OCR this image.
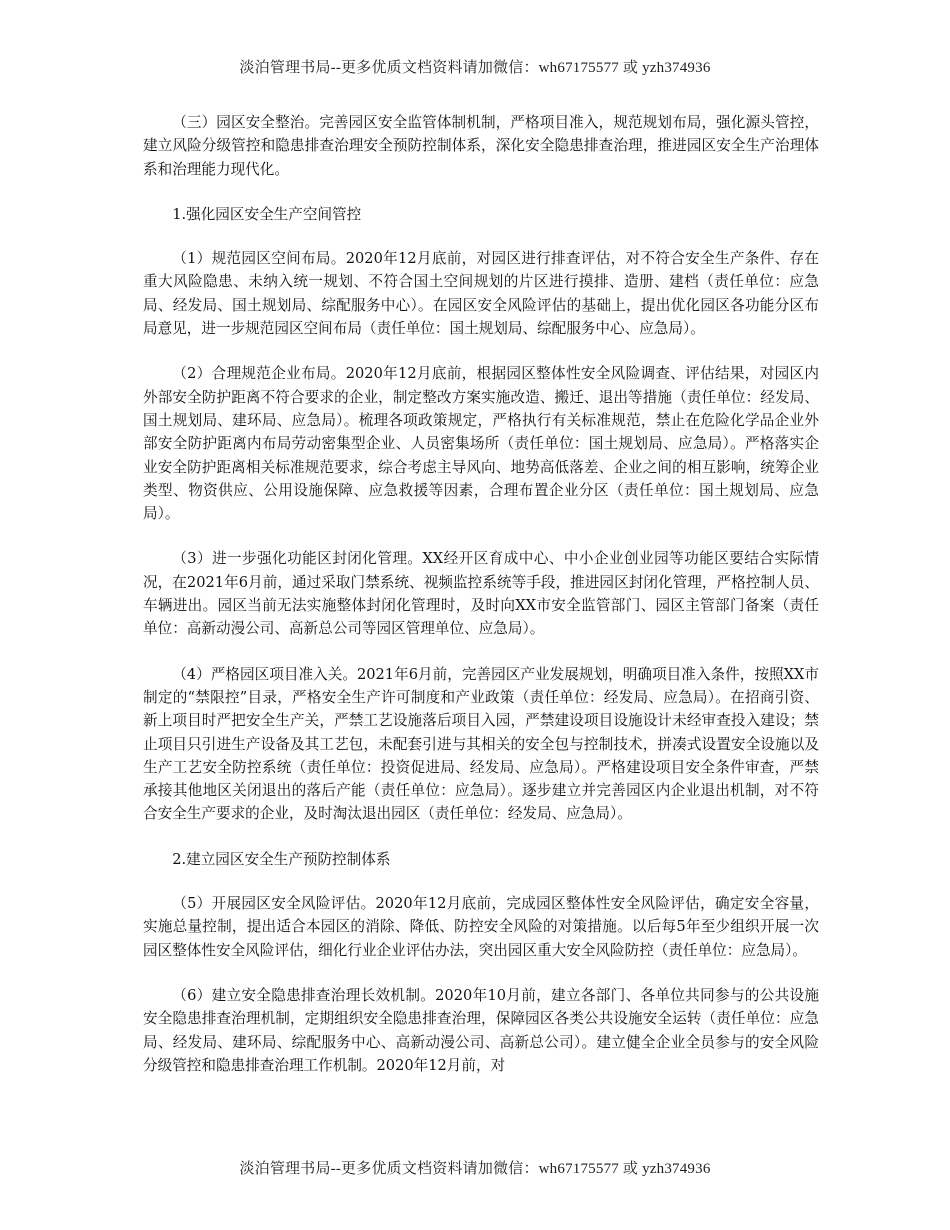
淡泊管理书局--更多优质文档资料请加微信：wh67175577 或 yzh374936

（三）园区安全整治。完善园区安全监管体制机制，严格项目准入，规范规划布局，强化源头管控，建立风险分级管控和隐患排查治理安全预防控制体系，深化安全隐患排查治理，推进园区安全生产治理体系和治理能力现代化。

1.强化园区安全生产空间管控

（1）规范园区空间布局。2020年12月底前，对园区进行排查评估，对不符合安全生产条件、存在重大风险隐患、未纳入统一规划、不符合国土空间规划的片区进行摸排、造册、建档（责任单位：应急局、经发局、国土规划局、综配服务中心）。在园区安全风险评估的基础上，提出优化园区各功能分区布局意见，进一步规范园区空间布局（责任单位：国土规划局、综配服务中心、应急局）。

（2）合理规范企业布局。2020年12月底前，根据园区整体性安全风险调查、评估结果，对园区内外部安全防护距离不符合要求的企业，制定整改方案实施改造、搬迁、退出等措施（责任单位：经发局、国土规划局、建环局、应急局）。梳理各项政策规定，严格执行有关标准规范，禁止在危险化学品企业外部安全防护距离内布局劳动密集型企业、人员密集场所（责任单位：国土规划局、应急局）。严格落实企业安全防护距离相关标准规范要求，综合考虑主导风向、地势高低落差、企业之间的相互影响，统筹企业类型、物资供应、公用设施保障、应急救援等因素，合理布置企业分区（责任单位：国土规划局、应急局）。

（3）进一步强化功能区封闭化管理。XX经开区育成中心、中小企业创业园等功能区要结合实际情况，在2021年6月前，通过采取门禁系统、视频监控系统等手段，推进园区封闭化管理，严格控制人员、车辆进出。园区当前无法实施整体封闭化管理时，及时向XX市安全监管部门、园区主管部门备案（责任单位：高新动漫公司、高新总公司等园区管理单位、应急局）。

（4）严格园区项目准入关。2021年6月前，完善园区产业发展规划，明确项目准入条件，按照XX市制定的“禁限控”目录，严格安全生产许可制度和产业政策（责任单位：经发局、应急局）。在招商引资、新上项目时严把安全生产关，严禁工艺设施落后项目入园，严禁建设项目设施设计未经审查投入建设；禁止项目只引进生产设备及其工艺包，未配套引进与其相关的安全包与控制技术，拼凑式设置安全设施以及生产工艺安全防控系统（责任单位：投资促进局、经发局、应急局）。严格建设项目安全条件审查，严禁承接其他地区关闭退出的落后产能（责任单位：应急局）。逐步建立并完善园区内企业退出机制，对不符合安全生产要求的企业，及时淘汰退出园区（责任单位：经发局、应急局）。

2.建立园区安全生产预防控制体系

（5）开展园区安全风险评估。2020年12月底前，完成园区整体性安全风险评估，确定安全容量，实施总量控制，提出适合本园区的消除、降低、防控安全风险的对策措施。以后每5年至少组织开展一次园区整体性安全风险评估，细化行业企业评估办法，突出园区重大安全风险防控（责任单位：应急局）。

（6）建立安全隐患排查治理长效机制。2020年10月前，建立各部门、各单位共同参与的公共设施安全隐患排查治理机制，定期组织安全隐患排查治理，保障园区各类公共设施安全运转（责任单位：应急局、经发局、建环局、综配服务中心、高新动漫公司、高新总公司）。建立健全企业全员参与的安全风险分级管控和隐患排查治理工作机制。2020年12月前，对

淡泊管理书局--更多优质文档资料请加微信：wh67175577 或 yzh374936
